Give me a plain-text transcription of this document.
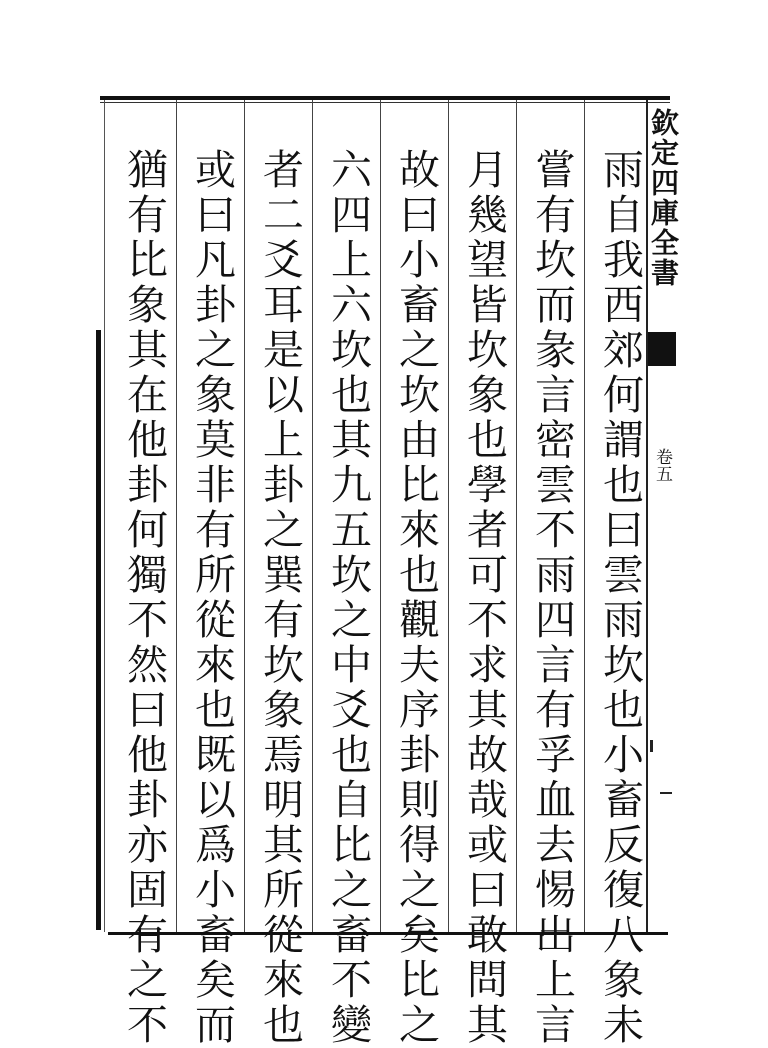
欽定四庫全書
卷五
雨自我西郊何謂也曰雲雨坎也小畜反復八象未
嘗有坎而彖言密雲不雨四言有孚血去惕出上言
月幾望皆坎象也學者可不求其故哉或曰敢問其
故曰小畜之坎由比來也觀夫序卦則得之矣比之
六四上六坎也其九五坎之中爻也自比之畜不變
者二爻耳是以上卦之巽有坎象焉明其所從來也
或曰凡卦之象莫非有所從來也既以爲小畜矣而
猶有比象其在他卦何獨不然曰他卦亦固有之不
